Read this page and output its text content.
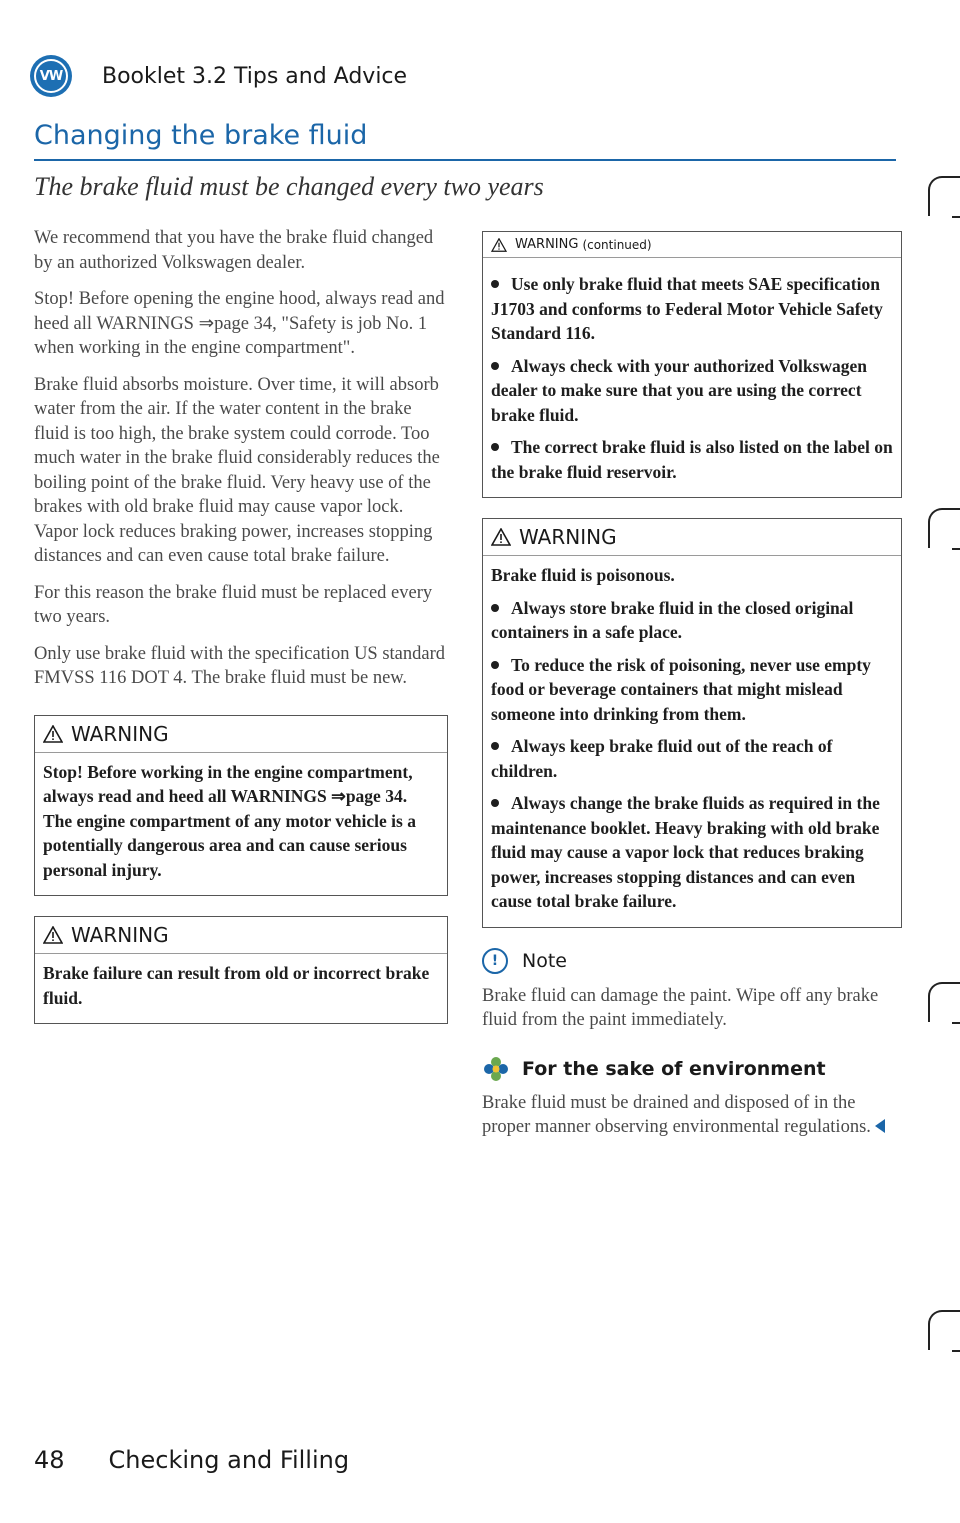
VW Booklet 3.2 Tips and Advice
Changing the brake fluid
The brake fluid must be changed every two years

We recommend that you have the brake fluid changed by an authorized Volkswagen dealer.

Stop! Before opening the engine hood, always read and heed all WARNINGS ⇒page 34, "Safety is job No. 1 when working in the engine compartment".

Brake fluid absorbs moisture. Over time, it will absorb water from the air. If the water content in the brake fluid is too high, the brake system could corrode. Too much water in the brake fluid considerably reduces the boiling point of the brake fluid. Very heavy use of the brakes with old brake fluid may cause vapor lock. Vapor lock reduces braking power, increases stopping distances and can even cause total brake failure.

For this reason the brake fluid must be replaced every two years.

Only use brake fluid with the specification US standard FMVSS 116 DOT 4. The brake fluid must be new.

WARNING

Stop! Before working in the engine compartment, always read and heed all WARNINGS ⇒page 34. The engine compartment of any motor vehicle is a potentially dangerous area and can cause serious personal injury.

WARNING

Brake failure can result from old or incorrect brake fluid.

WARNING (continued)

Use only brake fluid that meets SAE specification J1703 and conforms to Federal Motor Vehicle Safety Standard 116.

Always check with your authorized Volkswagen dealer to make sure that you are using the correct brake fluid.

The correct brake fluid is also listed on the label on the brake fluid reservoir.

WARNING

Brake fluid is poisonous.

Always store brake fluid in the closed original containers in a safe place.

To reduce the risk of poisoning, never use empty food or beverage containers that might mislead someone into drinking from them.

Always keep brake fluid out of the reach of children.

Always change the brake fluids as required in the maintenance booklet. Heavy braking with old brake fluid may cause a vapor lock that reduces braking power, increases stopping distances and can even cause total brake failure.

!	Note

Brake fluid can damage the paint. Wipe off any brake fluid from the paint immediately.

For the sake of environment

Brake fluid must be drained and disposed of in the proper manner observing environmental regulations.

48 Checking and Filling
